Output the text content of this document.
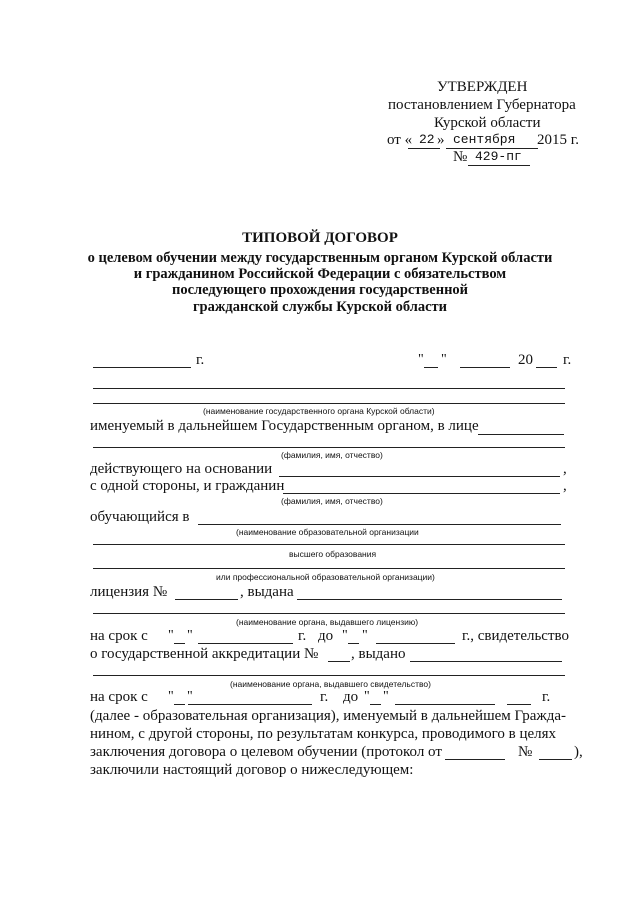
УТВЕРЖДЕН
постановлением Губернатора
Курской области
от « 22 » сентября 2015 г.
№ 429-пг
ТИПОВОЙ ДОГОВОР
о целевом обучении между государственным органом Курской области
и гражданином Российской Федерации с обязательством
последующего прохождения государственной
гражданской службы Курской области
г.	" "	20 г.
(наименование государственного органа Курской области)
именуемый в дальнейшем Государственным органом, в лице
(фамилия, имя, отчество)
действующего на основании	,
с одной стороны, и гражданин	,
(фамилия, имя, отчество)
обучающийся в
(наименование образовательной организации
высшего образования
или профессиональной образовательной организации)
лицензия №	, выдана
(наименование органа, выдавшего лицензию)
на срок с " "	г. до " "	г., свидетельство
о государственной аккредитации № , выдано
(наименование органа, выдавшего свидетельство)
на срок с " "	г. до " "	г.
(далее - образовательная организация), именуемый в дальнейшем Гражда-
нином, с другой стороны, по результатам конкурса, проводимого в целях
заключения договора о целевом обучении (протокол от	№	),
заключили настоящий договор о нижеследующем:
